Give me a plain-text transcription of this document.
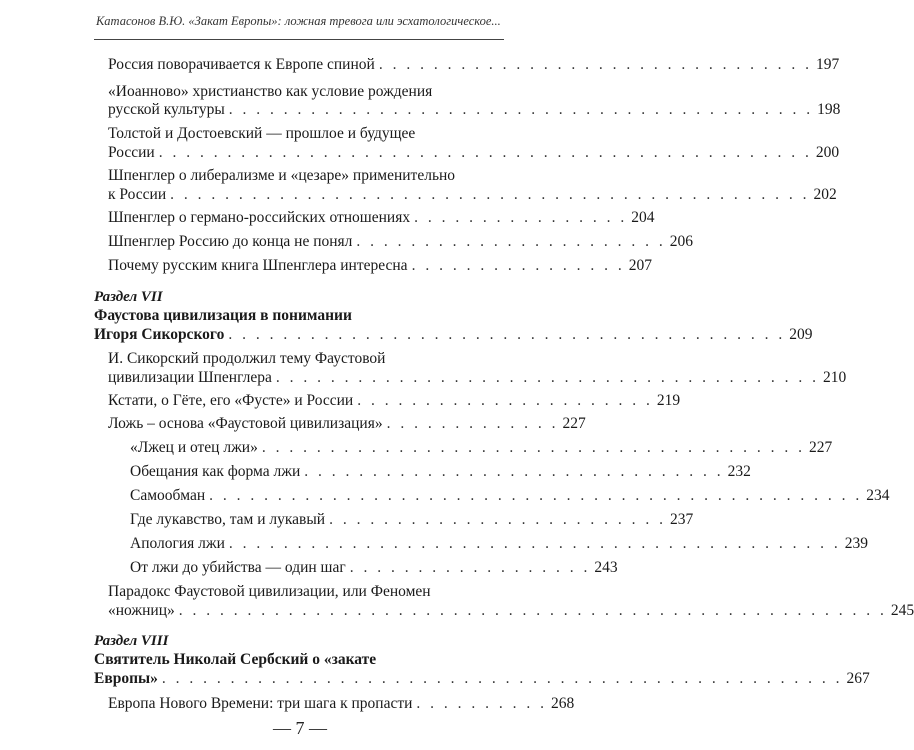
Катасонов В.Ю. «Закат Европы»: ложная тревога или эсхатологическое...
Россия поворачивается к Европе спиной . . . . . . . . . . . . . . . . . . . . . . . . . . . . . . . . 197
«Иоанново» христианство как условие рождения
русской культуры . . . . . . . . . . . . . . . . . . . . . . . . . . . . . . . . . . . . . . . . . . . 198
Толстой и Достоевский — прошлое и будущее
России . . . . . . . . . . . . . . . . . . . . . . . . . . . . . . . . . . . . . . . . . . . . . . . . 200
Шпенглер о либерализме и «цезаре» применительно
к России . . . . . . . . . . . . . . . . . . . . . . . . . . . . . . . . . . . . . . . . . . . . . . . 202
Шпенглер о германо-российских отношениях . . . . . . . . . . . . . . . . 204
Шпенглер Россию до конца не понял . . . . . . . . . . . . . . . . . . . . . . . 206
Почему русским книга Шпенглера интересна . . . . . . . . . . . . . . . . 207
Раздел VII
Фаустова цивилизация в понимании
Игоря Сикорского . . . . . . . . . . . . . . . . . . . . . . . . . . . . . . . . . . . . . . . . . 209
И. Сикорский продолжил тему Фаустовой
цивилизации Шпенглера . . . . . . . . . . . . . . . . . . . . . . . . . . . . . . . . . . . . . . . . 210
Кстати, о Гёте, его «Фусте» и России . . . . . . . . . . . . . . . . . . . . . . 219
Ложь – основа «Фаустовой цивилизация» . . . . . . . . . . . . . 227
«Лжец и отец лжи» . . . . . . . . . . . . . . . . . . . . . . . . . . . . . . . . . . . . . . . . 227
Обещания как форма лжи . . . . . . . . . . . . . . . . . . . . . . . . . . . . . . . 232
Самообман . . . . . . . . . . . . . . . . . . . . . . . . . . . . . . . . . . . . . . . . . . . . . . . . 234
Где лукавство, там и лукавый . . . . . . . . . . . . . . . . . . . . . . . . . 237
Апология лжи . . . . . . . . . . . . . . . . . . . . . . . . . . . . . . . . . . . . . . . . . . . . . 239
От лжи до убийства — один шаг . . . . . . . . . . . . . . . . . . 243
Парадокс Фаустовой цивилизации, или Феномен
«ножниц» . . . . . . . . . . . . . . . . . . . . . . . . . . . . . . . . . . . . . . . . . . . . . . . . . . . . 245
Раздел VIII
Святитель Николай Сербский о «закате
Европы» . . . . . . . . . . . . . . . . . . . . . . . . . . . . . . . . . . . . . . . . . . . . . . . . . . 267
Европа Нового Времени: три шага к пропасти . . . . . . . . . . 268
— 7 —
